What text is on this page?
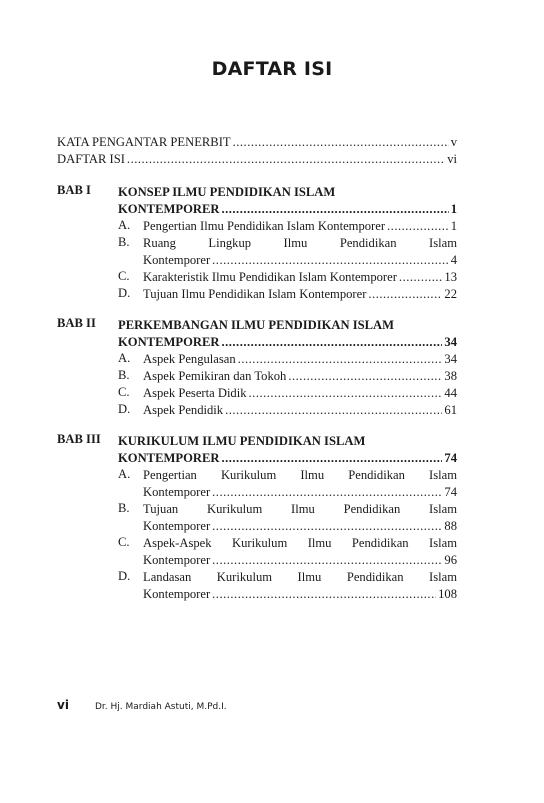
DAFTAR ISI
KATA PENGANTAR PENERBIT .....	v
DAFTAR ISI .....	vi
BAB I KONSEP ILMU PENDIDIKAN ISLAM
KONTEMPORER .....	1
A.	Pengertian Ilmu Pendidikan Islam Kontemporer .....	1
B.	Ruang Lingkup Ilmu Pendidikan Islam
Kontemporer .....	4
C.	Karakteristik Ilmu Pendidikan Islam Kontemporer .....	13
D.	Tujuan Ilmu Pendidikan Islam Kontemporer .....	22
BAB II PERKEMBANGAN ILMU PENDIDIKAN ISLAM
KONTEMPORER .....	34
A.	Aspek Pengulasan .....	34
B.	Aspek Pemikiran dan Tokoh .....	38
C.	Aspek Peserta Didik .....	44
D.	Aspek Pendidik .....	61
BAB III KURIKULUM ILMU PENDIDIKAN ISLAM
KONTEMPORER .....	74
A.	Pengertian Kurikulum Ilmu Pendidikan Islam
Kontemporer .....	74
B.	Tujuan Kurikulum Ilmu Pendidikan Islam
Kontemporer .....	88
C.	Aspek-Aspek Kurikulum Ilmu Pendidikan Islam
Kontemporer .....	96
D.	Landasan Kurikulum Ilmu Pendidikan Islam
Kontemporer .....	108
vi	Dr. Hj. Mardiah Astuti, M.Pd.I.
